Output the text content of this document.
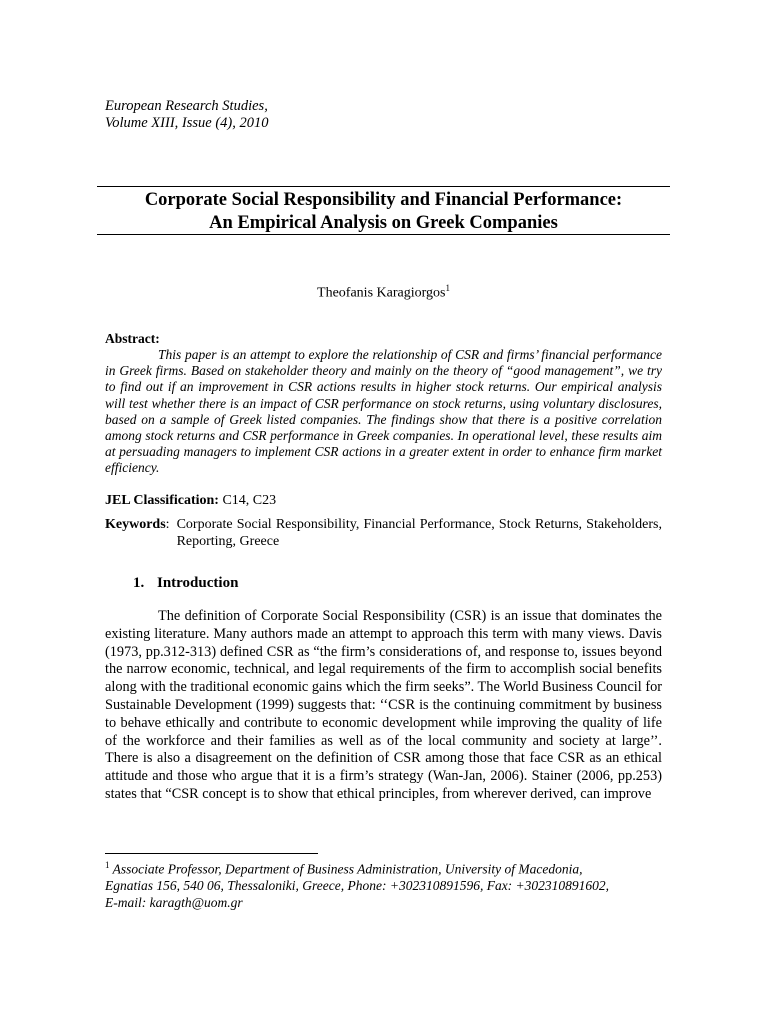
European Research Studies,
Volume XIII, Issue (4), 2010
Corporate Social Responsibility and Financial Performance:
An Empirical Analysis on Greek Companies
Theofanis Karagiorgos$^1$
Abstract:

This paper is an attempt to explore the relationship of CSR and firms’ financial performance in Greek firms. Based on stakeholder theory and mainly on the theory of “good management”, we try to find out if an improvement in CSR actions results in higher stock returns. Our empirical analysis will test whether there is an impact of CSR performance on stock returns, using voluntary disclosures, based on a sample of Greek listed companies. The findings show that there is a positive correlation among stock returns and CSR performance in Greek companies. In operational level, these results aim at persuading managers to implement CSR actions in a greater extent in order to enhance firm market efficiency.

JEL Classification: C14, C23
Keywords: Corporate Social Responsibility, Financial Performance, Stock Returns, Stakeholders, Reporting, Greece
1. Introduction

The definition of Corporate Social Responsibility (CSR) is an issue that dominates the existing literature. Many authors made an attempt to approach this term with many views. Davis (1973, pp.312-313) defined CSR as “the firm’s considerations of, and response to, issues beyond the narrow economic, technical, and legal requirements of the firm to accomplish social benefits along with the traditional economic gains which the firm seeks”. The World Business Council for Sustainable Development (1999) suggests that: ‘‘CSR is the continuing commitment by business to behave ethically and contribute to economic development while improving the quality of life of the workforce and their families as well as of the local community and society at large’’. There is also a disagreement on the definition of CSR among those that face CSR as an ethical attitude and those who argue that it is a firm’s strategy (Wan-Jan, 2006). Stainer (2006, pp.253) states that “CSR concept is to show that ethical principles, from wherever derived, can improve

$^1$ Associate Professor, Department of Business Administration, University of Macedonia,
Egnatias 156, 540 06, Thessaloniki, Greece, Phone: +302310891596, Fax: +302310891602,
E-mail: karagth@uom.gr
